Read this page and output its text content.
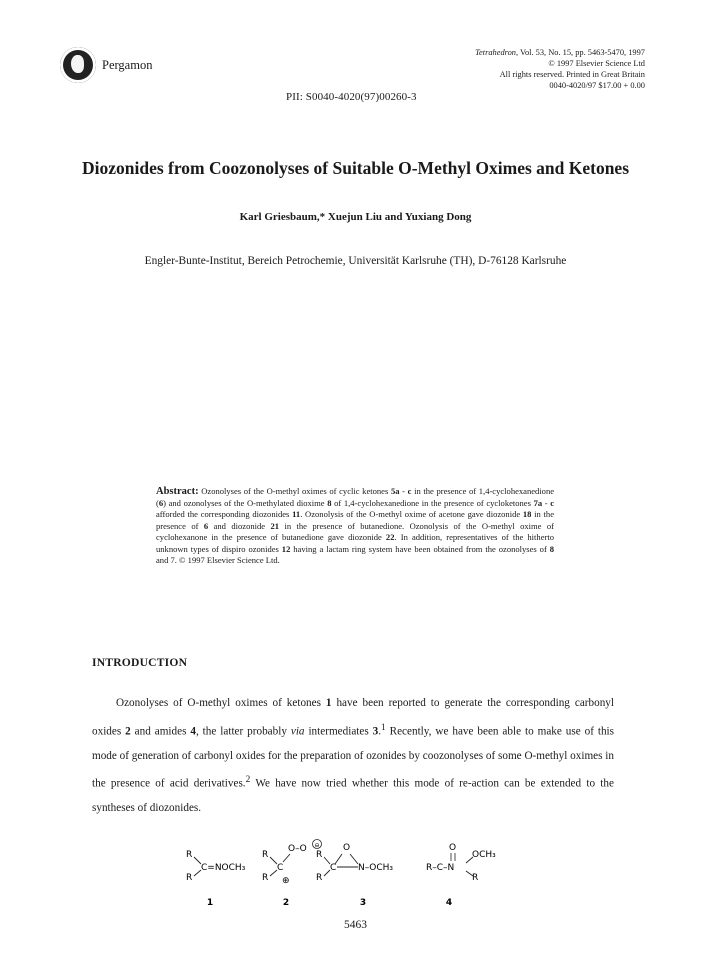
Pergamon
Tetrahedron, Vol. 53, No. 15, pp. 5463-5470, 1997
© 1997 Elsevier Science Ltd
All rights reserved. Printed in Great Britain
0040-4020/97 $17.00 + 0.00
PII: S0040-4020(97)00260-3
Diozonides from Coozonolyses of Suitable O-Methyl Oximes and Ketones
Karl Griesbaum,* Xuejun Liu and Yuxiang Dong
Engler-Bunte-Institut, Bereich Petrochemie, Universität Karlsruhe (TH), D-76128 Karlsruhe
Abstract: Ozonolyses of the O-methyl oximes of cyclic ketones 5a - c in the presence of 1,4-cyclohexanedione (6) and ozonolyses of the O-methylated dioxime 8 of 1,4-cyclohexanedione in the presence of cycloketones 7a - c afforded the corresponding diozonides 11. Ozonolysis of the O-methyl oxime of acetone gave diozonide 18 in the presence of 6 and diozonide 21 in the presence of butanedione. Ozonolysis of the O-methyl oxime of cyclohexanone in the presence of butanedione gave diozonide 22. In addition, representatives of the hitherto unknown types of dispiro ozonides 12 having a lactam ring system have been obtained from the ozonolyses of 8 and 7. © 1997 Elsevier Science Ltd.
INTRODUCTION
Ozonolyses of O-methyl oximes of ketones 1 have been reported to generate the corresponding carbonyl oxides 2 and amides 4, the latter probably via intermediates 3.$^1$ Recently, we have been able to make use of this mode of generation of carbonyl oxides for the preparation of ozonides by coozonolyses of some O-methyl oximes in the presence of acid derivatives.$^2$ We have now tried whether this mode of re-action can be extended to the syntheses of diozonides.
R
R
C=NOCH₃
1
R
R
C
O–O ⊖
⊕
2
O
R
R
C N–OCH₃
3
O
R–C–N
OCH₃
R
4
5463
